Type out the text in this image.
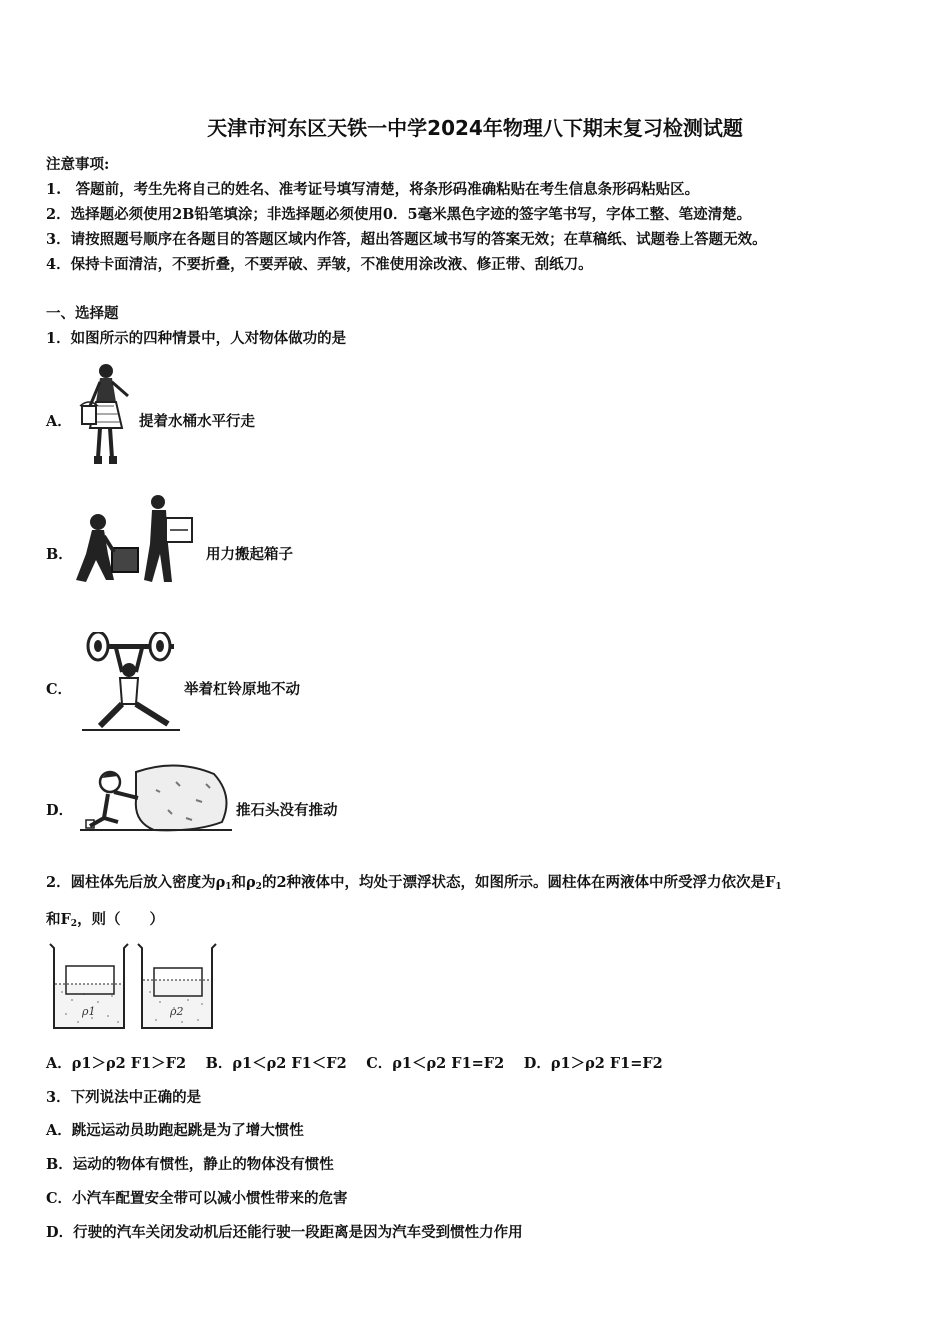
天津市河东区天铁一中学2024年物理八下期末复习检测试题
注意事项:
1.　答题前，考生先将自己的姓名、准考证号填写清楚，将条形码准确粘贴在考生信息条形码粘贴区。
2．选择题必须使用2B铅笔填涂；非选择题必须使用0．5毫米黑色字迹的签字笔书写，字体工整、笔迹清楚。
3．请按照题号顺序在各题目的答题区域内作答，超出答题区域书写的答案无效；在草稿纸、试题卷上答题无效。
4．保持卡面清洁，不要折叠，不要弄破、弄皱，不准使用涂改液、修正带、刮纸刀。
一、选择题
1．如图所示的四种情景中，人对物体做功的是
A．	提着水桶水平行走
B．	用力搬起箱子
C．	举着杠铃原地不动
D．	推石头没有推动
2．圆柱体先后放入密度为$\rho_1$和$\rho_2$的2种液体中，均处于漂浮状态，如图所示。圆柱体在两液体中所受浮力依次是$F_1$
和$F_2$，则（　　）
ρ1	ρ2
A．ρ1＞ρ2 F1＞F2  B．ρ1＜ρ2 F1＜F2  C．ρ1＜ρ2 F1=F2  D．ρ1＞ρ2 F1=F2
3．下列说法中正确的是
A．跳远运动员助跑起跳是为了增大惯性
B．运动的物体有惯性，静止的物体没有惯性
C．小汽车配置安全带可以减小惯性带来的危害
D．行驶的汽车关闭发动机后还能行驶一段距离是因为汽车受到惯性力作用
